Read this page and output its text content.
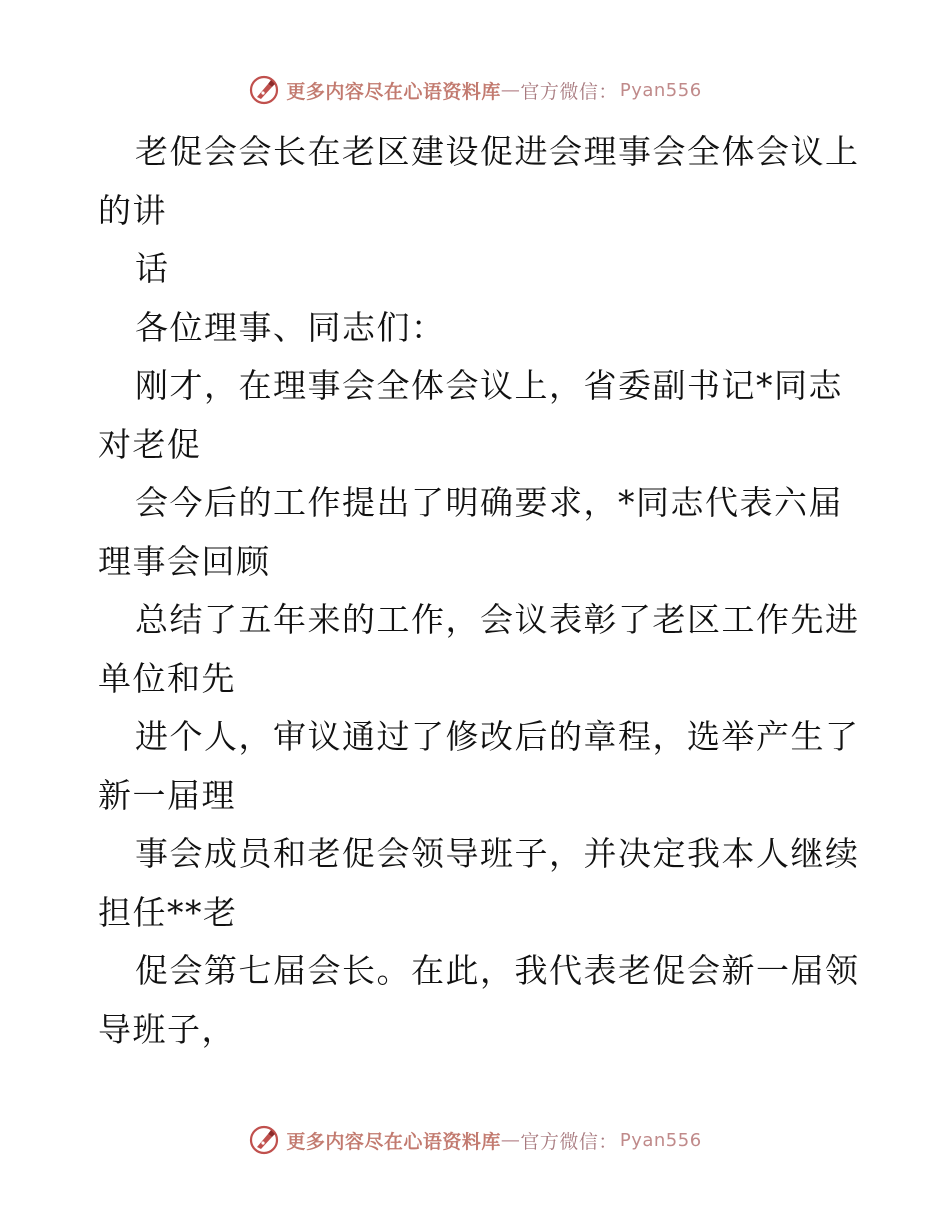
更多内容尽在心语资料库 — 官方微信： Pyan556
老促会会长在老区建设促进会理事会全体会议上
的讲
话
各位理事、同志们：
刚才，在理事会全体会议上，省委副书记*同志
对老促
会今后的工作提出了明确要求，*同志代表六届
理事会回顾
总结了五年来的工作，会议表彰了老区工作先进
单位和先
进个人，审议通过了修改后的章程，选举产生了
新一届理
事会成员和老促会领导班子，并决定我本人继续
担任**老
促会第七届会长。在此，我代表老促会新一届领
导班子，
更多内容尽在心语资料库 — 官方微信： Pyan556
